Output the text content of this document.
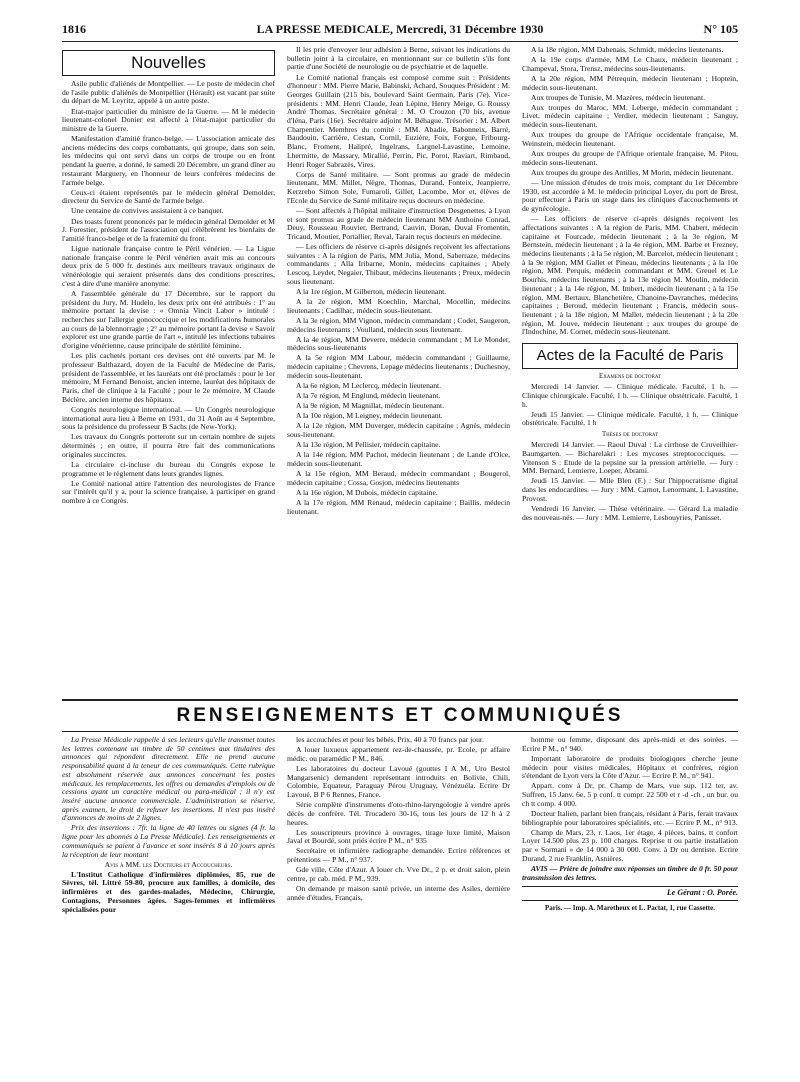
1816	LA PRESSE MEDICALE, Mercredi, 31 Décembre 1930	N° 105
Nouvelles

Asile public d'aliénés de Montpellier. — Le poste de médecin chef de l'asile public d'aliénés de Montpellier (Hérault) est vacant par suite du départ de M. Leyritz, appelé à un autre poste.

Etat-major particulier du ministre de la Guerre. — M le médecin lieutenant-colonel Donier est affecté à l'état-major particulier du ministre de la Guerre.

Manifestation d'amitié franco-belge. — L'association amicale des anciens médecins des corps combattants, qui groupe, dans son sein, les médecins qui ont servi dans un corps de troupe ou en front pendant la guerre, a donné, le samedi 20 Décembre, un grand dîner au restaurant Marguery, en l'honneur de leurs confrères médecins de l'armée belge.

Ceux-ci étaient représentés par le médecin général Demolder, directeur du Service de Santé de l'armée belge.

Une centaine de convives assistaient à ce banquet.

Des toasts furent prononcés par le médecin général Demolder et M J. Forestier, président de l'association qui célébrèrent les bienfaits de l'amitié franco-belge et de la fraternité du front.

Ligue nationale française contre le Péril vénérien. — La Ligue nationale française contre le Péril vénérien avait mis au concours deux prix de 5 000 fr. destinés aux meilleurs travaux originaux de vénéréologie qui seraient présentés dans des conditions prescrites, c'est à dire d'une manière anonyme.

A l'assemblée générale du 17 Décembre, sur le rapport du président du Jury, M. Hudelo, les deux prix ont été attribués : 1° au mémoire portant la devise : « Omnia Vincit Labor » intitulé : recherches sur l'allergie gonococcique et les modifications humorales au cours de la blennorragie ; 2° au mémoire portant la devise « Savoir explorer est une grande partie de l'art », intitulé les infections tubaires d'origine vénérienne, cause principale de stérilité féminine.

Les plis cachetés portant ces devises ont été ouverts par M. le professeur Balthazard, doyen de la Faculté de Médecine de Paris, président de l'assemblée, et les lauréats ont été proclamés : pour le 1er mémoire, M Fernand Benoist, ancien interne, lauréat des hôpitaux de Paris, chef de clinique à la Faculté ; pour le 2e mémoire, M Claude Béclère, ancien interne des hôpitaux.

Congrès neurologique international. — Un Congrès neurologique international aura lieu à Berne en 1931, du 31 Août au 4 Septembre, sous la présidence du professeur B Sachs (de New-York).

Les travaux du Congrès porteront sur un certain nombre de sujets déterminés ; en outre, il pourra être fait des communications originales succinctes.

La circulaire ci-incluse du bureau du Congrès expose le programme et le règlement dans leurs grandes lignes.

Le Comité national attire l'attention des neurologistes de France sur l'intérêt qu'il y a, pour la science française, à participer en grand nombre à ce Congrès.

Il les prie d'envoyer leur adhésion à Berne, suivant les indications du bulletin joint à la circulaire, en mentionnant sur ce bulletin s'ils font partie d'une Société de neurologie ou de psychiatrie et de laquelle.

Le Comité national français est composé comme suit : Présidents d'honneur : MM. Pierre Marie, Babinski, Achard, Souques Président : M. Georges Guillain (215 bis, boulevard Saint Germain, Paris (7e). Vice-présidents : MM. Henri Claude, Jean Lépine, Henry Meige, G. Roussy André Thomas. Secrétaire général : M. O Crouzon (70 bis, avenue d'Iéna, Paris (16e). Secrétaire adjoint M. Béhague. Trésorier : M. Albert Charpentier. Membres du comité : MM. Abadie, Babonneix, Barré, Baudouin, Carrière, Cestan, Cornil, Euzière, Foix, Forgue, Fribourg-Blanc, Froment, Halipré, Ingelrans, Largnel-Lavastine, Lemoine, Lhermitte, de Massary, Mirallié, Perrin, Pic, Porot, Raviart, Rimbaud, Henri Roger Sabrazès, Vires.

Corps de Santé militaire. — Sont promus au grade de médecin lieutenant, MM. Millet, Nègre, Thomas, Durand, Fonteix, Jeanpierre, Kerzreho Simon Sole, Fumaroli, Gillet, Lacombe, Mor et, élèves de l'Ecole du Service de Santé militaire reçus docteurs en médecine.

— Sont affectés à l'hôpital militaire d'instruction Desgenettes. à Lyon et sont promus au grade de médecin lieutenant MM Anthoine Conrad, Deuy, Rousseau Rouvier, Bertrand, Cauvin, Doran, Duval Fromentin, Tricaud, Moutier, Portallier, Reval, Tarain reçus docteurs en médecine.

— Les officiers de réserve ci-après désignés reçoivent les affectations suivantes : A la région de Paris, MM Julia, Mond, Saberraze, médecins commandants ; Alla Iribarne, Monin, médecins capitaines ; Abely Lescoq, Leydet, Negaier, Thibaut, médecins lieutenants ; Preux, médecin sous lieutenant.

A la 1re région, M Gilberton, médecin lieutenant.

A la 2e région, MM Koechlin, Marchal, Mocellin, médecins lieutenants ; Cadilhac, médecin sous-lieutenant.

A la 3e région, MM Vignon, médecin commandant ; Codet, Saugeron, médecins lieutenants ; Voulland, médecin sous lieutenant.

A la 4e région, MM Deverre, médecin commandant ; M Le Monder, médecins sous-lieutenants

A la 5e région MM Labour, médecin commandant ; Guillaume, médecin capitaine ; Chevrens, Lepage médecins lieutenants ; Duchesnoy, médecin sous-lieutenant.

A la 6e région, M Leclercq, médecin lieutenant.

A la 7e région, M Englund, médecin lieutenant.

A la 9e région, M Magnillat, médecin lieutenant.

A la 10e région, M Leigney, médecin lieutenant.

A la 12e région, MM Duverger, médecin capitaine ; Agnès, médecin sous-lieutenant.

A la 13e région, M Pellisier, médecin capitaine.

A la 14e région, MM Pachot, médecin lieutenant ; de Lande d'Olce, médecin sous-lieutenant.

A la 15e région, MM Beraud, médecin commandant ; Bougerol, médecin capitaine ; Cossa, Gosjon, médecins lieutenants

A la 16e région, M Dubois, médecin capitaine.

A la 17e région, MM Renaud, médecin capitaine ; Baillis, médecin lieutenant.

A la 18e région, MM Dabenais, Schmidt, médecins lieutenants.

A la 19e corps d'armée, MM Le Chaux, médecin lieutenant ; Champeval, Stora, Trensz, médecins sous-lieutenants.

A la 20e région, MM Pétrequin, médecin lieutenant ; Hoptein, médecin sous-lieutenant.

Aux troupes de Tunisie, M. Mazères, médecin lieutenant.

Aux troupes du Maroc, MM. Leberge, médecin commandant ; Livet, médecin capitaine ; Verdier, médecin lieutenant ; Sanguy, médecin sous-lieutenant.

Aux troupes du groupe de l'Afrique occidentale française, M. Weinstein, médecin lieutenant.

Aux troupes du groupe de l'Afrique orientale française, M. Pitou, médecin sous-lieutenant.

Aux troupes du groupe des Antilles, M Morin, médecin lieutenant.

— Une mission d'études de trois mois, comptant du 1er Décembre 1930, est accordée à M. le médecin principal Loyer, du port de Brest, pour effectuer à Paris un stage dans les cliniques d'accouchements et de gynécologie.

— Les officiers de réserve ci-après désignés reçoivent les affectations suivantes : A la région de Paris, MM. Chabert, médecin capitaine et Fourcade, médecin lieutenant ; à la 3e région, M Bernstein, médecin lieutenant ; à la 4e région, MM. Barbe et Frezney, médecins lieutenants ; à la 5e région, M. Barcelot, médecin lieutenant ; à la 9e région, MM Gallet et Pineau, médecins lieutenants ; à la 10e région, MM. Perquis, médecin commandant et MM. Greuel et Le Bourhis, médecins lieutenants ; à la 13e région M. Moulin, médecin lieutenant ; à la 14e région, M. Imbert, médecin lieutenant ; à la 15e région, MM. Bertaux, Blanchetière, Chanoine-Davranches, médecins capitaines ; Beroud, médecin lieutenant ; Francis, médecin sous-lieutenant ; à la 18e région, M Mallet, médecin lieutenant ; à la 20e région, M. Jouve, médecin lieutenant ; aux troupes du groupe de l'Indochine, M. Cornet, médecin sous-lieutenant.

Actes de la Faculté de Paris

Examens de doctorat

Mercredi 14 Janvier. — Clinique médicale. Faculté, 1 h. — Clinique chirurgicale. Faculté, 1 h. — Clinique obstétricale. Faculté, 1 h.

Jeudi 15 Janvier. — Clinique médicale. Faculté, 1 h. — Clinique obstétricale. Faculté, 1 h

Thèses de doctorat

Mercredi 14 Janvier. — Raoul Duval : La cirrhose de Cruveilhier-Baumgarten. — Bicharelakri : Les mycoses streptococciques. — Vitenson S : Etude de la pepsine sur la pression artérielle. — Jury : MM. Bernard, Lemierre, Loeper, Abrami.

Jeudi 15 Janvier. — Mlle Blen (F.) : Sur l'hippocratisme digital dans les endocardites. — Jury : MM. Carnot, Lenormant, L Lavastine, Provost.

Vendredi 16 Janvier. — Thèse vétérinaire. — Gérard La maladie des nouveau-nés. — Jury : MM. Lemierre, Lesbouyries, Panisset.

RENSEIGNEMENTS ET COMMUNIQUÉS

La Presse Médicale rappelle à ses lecteurs qu'elle transmet toutes les lettres contenant un timbre de 50 centimes aux titulaires des annonces qui répondent directement. Elle ne prend aucune responsabilité quant à la teneur de ces communiqués. Cette rubrique est absolument réservée aux annonces concernant les postes médicaux, les remplacements, les offres ou demandes d'emplois ou de cessions ayant un caractère médical ou para-médical ; il n'y est inséré aucune annonce commerciale. L'administration se réserve, après examen, le droit de refuser les insertions. Il n'est pas inséré d'annonces de moins de 2 lignes.

Prix des insertions : 7fr. la ligne de 40 lettres ou signes (4 fr. la ligne pour les abonnés à La Presse Médicale). Les renseignements et communiqués se paient à l'avance et sont insérés 8 à 10 jours après la réception de leur montant

Avis à MM. les Docteurs et Accoucheurs.

L'Institut Catholique d'infirmières diplômées, 85, rue de Sèvres, tél. Littré 59-80, procure aux familles, à domicile, des infirmières et des gardes-malades, Médecine, Chirurgie, Contagions, Personnes âgées. Sages-femmes et infirmières spécialisées pour

les accouchées et pour les bébés. Prix, 40 à 70 francs par jour.

A louer luxueux appartement rez-de-chaussée, pr. Ecole, pr affaire médic. ou paramédic P M., 846.

Les laboratoires du docteur Lavoué (gouttes I A M., Uro Bestol Mangarsenic) demandent représentant introduits en Bolivie, Chili, Colombie, Equateur, Paraguay Pérou Uruguay, Vénézuéla. Ecrire Dr Lavoué, B P 6 Rennes, France.

Série complète d'instruments d'oto-rhino-laryngologie à vendre après décès de confrère. Tél. Trocadero 30-16, tous les jours de 12 h à 2 heures.

Les souscripteurs province à ouvrages, tirage luxe limité, Maison Javal et Bourdé, sont priés écrire P M., n° 935

Secrétaire et infirmière radiographe demandée. Ecrire références et prétentions — P M., n° 937.

Gde ville, Côte d'Azur. A louer ch. Vve Dr., 2 p. et droit salon, plein centre, pr cab. méd. P M., 939.

On demande pr maison santé privée, un interne des Asiles, dernière année d'études, Français,

homme ou femme, disposant des après-midi et des soirées. — Ecrire P M., n° 940.

Important laboratoire de produits biologiques cherche jeune médecin pour visites médicales, Hôpitaux et confrères, région s'étendant de Lyon vers la Côte d'Azur. — Ecrire P. M., n° 941.

Appart. conv à Dr, pr. Champ de Mars, vue sup. 112 ter, av. Suffren, 15 Janv. 6e, 5 p conf. tt compr. 22 500 et r -d -ch , un bur. ou ch tt comp. 4 000.

Docteur Italien, parlant bien français, résidant à Paris, ferait travaux bibliographie pour laboratoires spécialités, etc. — Ecrire P. M., n° 913.

Champ de Mars, 23, r. Laos, 1er étage, 4 pièces, bains, tt confort Loyer 14.500 plus 23 p. 100 charges. Reprise tt ou partie installation par « Sormani » de 14 000 à 30 000. Conv. à Dr ou dentiste. Ecrire Durand, 2 rue Franklin, Asnières.

AVIS — Prière de joindre aux réponses un timbre de 0 fr. 50 pour transmission des lettres.

Le Gérant : O. Porée.
Paris. — Imp. A. Maretheux et L. Pactat, 1, rue Cassette.
